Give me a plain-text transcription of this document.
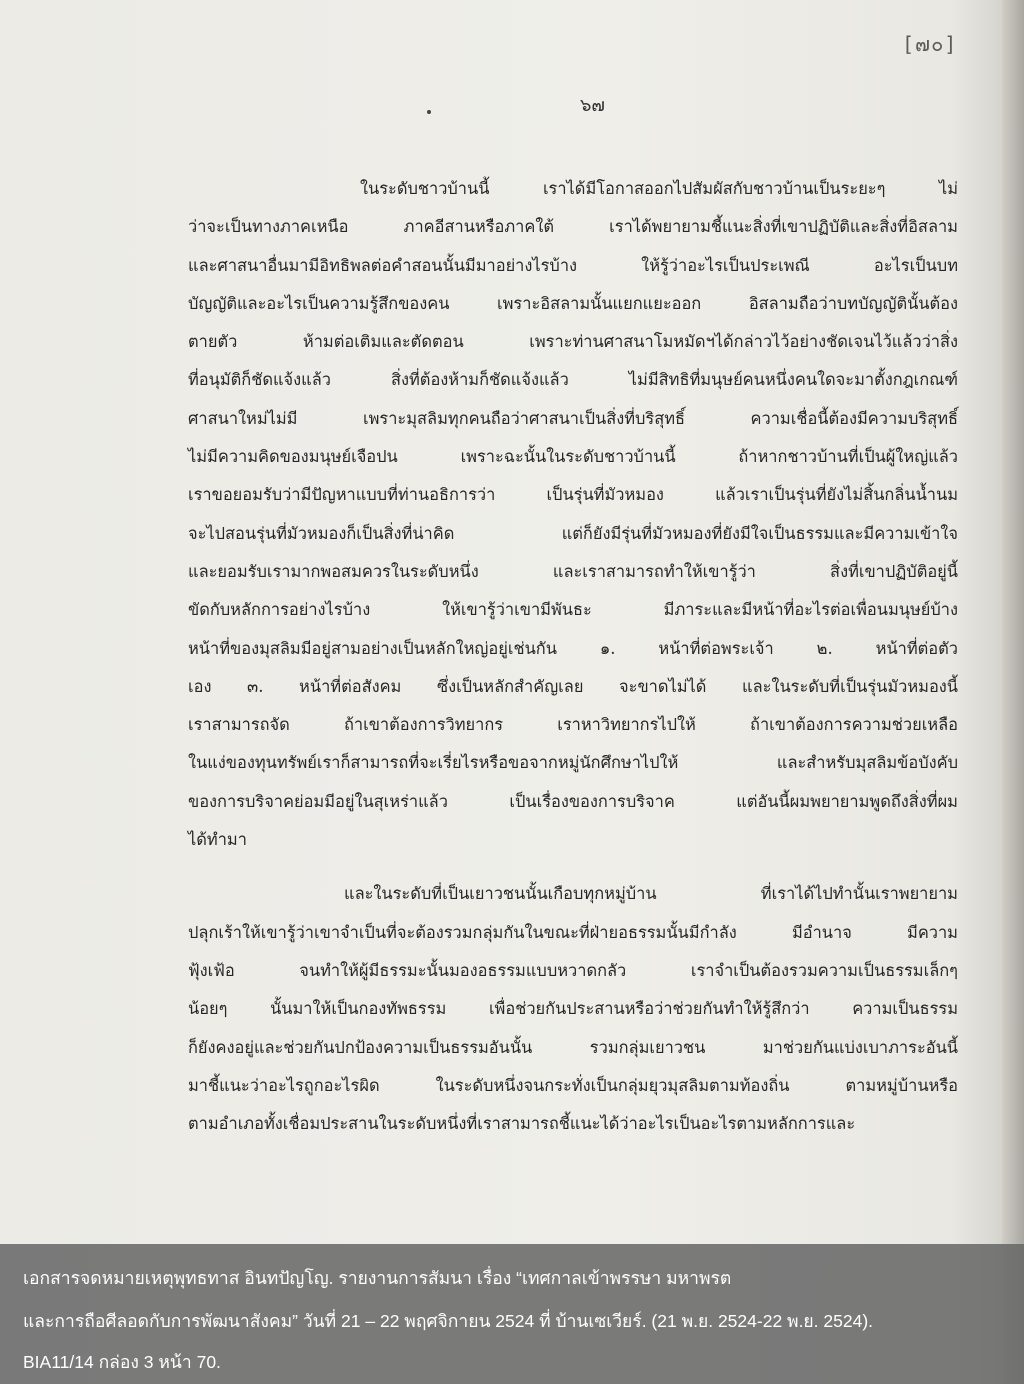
[๗๐]
๖๗
ในระดับชาวบ้านนี้ เราได้มีโอกาสออกไปสัมผัสกับชาวบ้านเป็นระยะๆ ไม่
ว่าจะเป็นทางภาคเหนือ ภาคอีสานหรือภาคใต้ เราได้พยายามชี้แนะสิ่งที่เขาปฏิบัติและสิ่งที่อิสลาม
และศาสนาอื่นมามีอิทธิพลต่อคำสอนนั้นมีมาอย่างไรบ้าง ให้รู้ว่าอะไรเป็นประเพณี อะไรเป็นบท
บัญญัติและอะไรเป็นความรู้สึกของคน เพราะอิสลามนั้นแยกแยะออก อิสลามถือว่าบทบัญญัตินั้นต้อง
ตายตัว ห้ามต่อเติมและตัดตอน เพราะท่านศาสนาโมหมัดฯได้กล่าวไว้อย่างชัดเจนไว้แล้วว่าสิ่ง
ที่อนุมัติก็ชัดแจ้งแล้ว สิ่งที่ต้องห้ามก็ชัดแจ้งแล้ว ไม่มีสิทธิที่มนุษย์คนหนึ่งคนใดจะมาตั้งกฎเกณฑ์
ศาสนาใหม่ไม่มี เพราะมุสลิมทุกคนถือว่าศาสนาเป็นสิ่งที่บริสุทธิ์ ความเชื่อนี้ต้องมีความบริสุทธิ์
ไม่มีความคิดของมนุษย์เจือปน เพราะฉะนั้นในระดับชาวบ้านนี้ ถ้าหากชาวบ้านที่เป็นผู้ใหญ่แล้ว
เราขอยอมรับว่ามีปัญหาแบบที่ท่านอธิการว่า เป็นรุ่นที่มัวหมอง แล้วเราเป็นรุ่นที่ยังไม่สิ้นกลิ่นน้ำนม
จะไปสอนรุ่นที่มัวหมองก็เป็นสิ่งที่น่าคิด แต่ก็ยังมีรุ่นที่มัวหมองที่ยังมีใจเป็นธรรมและมีความเข้าใจ
และยอมรับเรามากพอสมควรในระดับหนึ่ง และเราสามารถทำให้เขารู้ว่า สิ่งที่เขาปฏิบัติอยู่นี้
ขัดกับหลักการอย่างไรบ้าง ให้เขารู้ว่าเขามีพันธะ มีภาระและมีหน้าที่อะไรต่อเพื่อนมนุษย์บ้าง
หน้าที่ของมุสลิมมีอยู่สามอย่างเป็นหลักใหญ่อยู่เช่นกัน ๑. หน้าที่ต่อพระเจ้า ๒. หน้าที่ต่อตัว
เอง ๓. หน้าที่ต่อสังคม ซึ่งเป็นหลักสำคัญเลย จะขาดไม่ได้ และในระดับที่เป็นรุ่นมัวหมองนี้
เราสามารถจัด ถ้าเขาต้องการวิทยากร เราหาวิทยากรไปให้ ถ้าเขาต้องการความช่วยเหลือ
ในแง่ของทุนทรัพย์เราก็สามารถที่จะเรี่ยไรหรือขอจากหมู่นักศึกษาไปให้ และสำหรับมุสลิมข้อบังคับ
ของการบริจาคย่อมมีอยู่ในสุเหร่าแล้ว เป็นเรื่องของการบริจาค แต่อันนี้ผมพยายามพูดถึงสิ่งที่ผม
ได้ทำมา
และในระดับที่เป็นเยาวชนนั้นเกือบทุกหมู่บ้าน ที่เราได้ไปทำนั้นเราพยายาม
ปลุกเร้าให้เขารู้ว่าเขาจำเป็นที่จะต้องรวมกลุ่มกันในขณะที่ฝ่ายอธรรมนั้นมีกำลัง มีอำนาจ มีความ
ฟุ้งเฟ้อ จนทำให้ผู้มีธรรมะนั้นมองอธรรมแบบหวาดกลัว เราจำเป็นต้องรวมความเป็นธรรมเล็กๆ
น้อยๆ นั้นมาให้เป็นกองทัพธรรม เพื่อช่วยกันประสานหรือว่าช่วยกันทำให้รู้สึกว่า ความเป็นธรรม
ก็ยังคงอยู่และช่วยกันปกป้องความเป็นธรรมอันนั้น รวมกลุ่มเยาวชน มาช่วยกันแบ่งเบาภาระอันนี้
มาชี้แนะว่าอะไรถูกอะไรผิด ในระดับหนึ่งจนกระทั่งเป็นกลุ่มยุวมุสลิมตามท้องถิ่น ตามหมู่บ้านหรือ
ตามอำเภอทั้งเชื่อมประสานในระดับหนึ่งที่เราสามารถชี้แนะได้ว่าอะไรเป็นอะไรตามหลักการและ
เอกสารจดหมายเหตุพุทธทาส อินทปัญโญ. รายงานการสัมนา เรื่อง “เทศกาลเข้าพรรษา มหาพรต
และการถือศีลอดกับการพัฒนาสังคม” วันที่ 21 – 22 พฤศจิกายน 2524 ที่ บ้านเซเวียร์. (21 พ.ย. 2524-22 พ.ย. 2524).
BIA11/14 กล่อง 3 หน้า 70.
